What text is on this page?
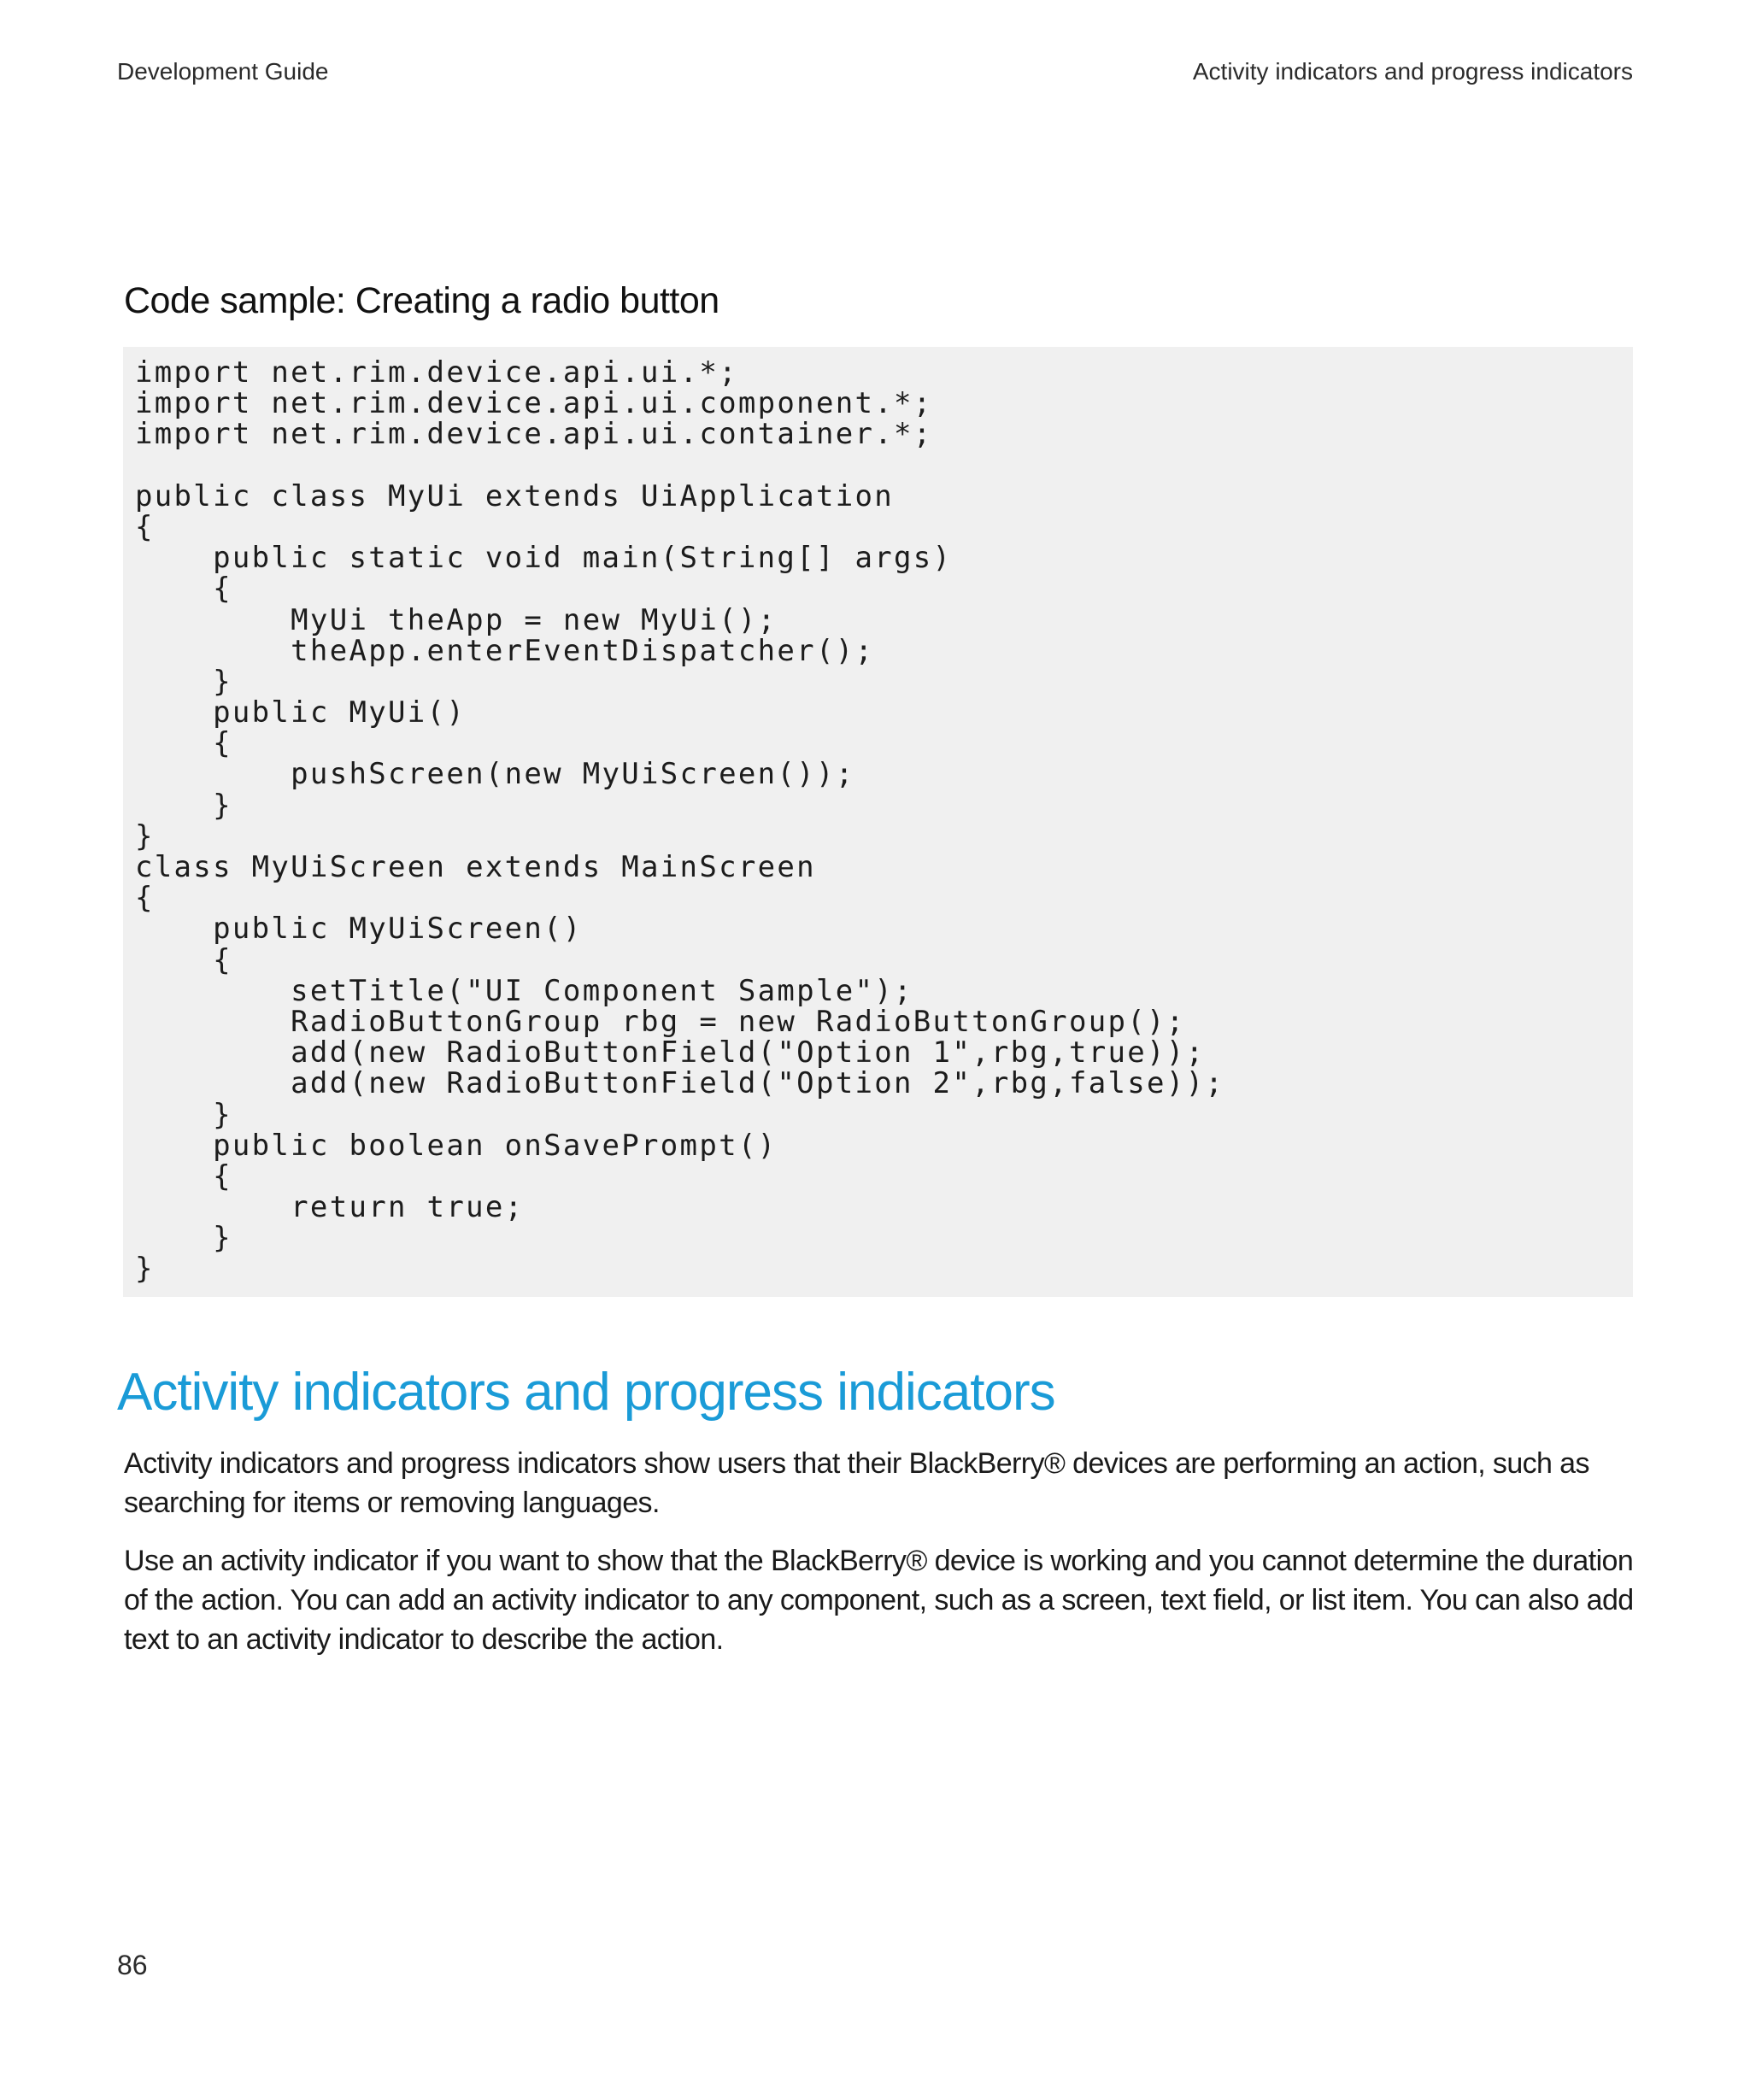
Development Guide	Activity indicators and progress indicators
Code sample: Creating a radio button
import net.rim.device.api.ui.*;
import net.rim.device.api.ui.component.*;
import net.rim.device.api.ui.container.*;
public class MyUi extends UiApplication
{
public static void main(String[] args)
{
MyUi theApp = new MyUi();
theApp.enterEventDispatcher();
}
public MyUi()
{
pushScreen(new MyUiScreen());
}
}
class MyUiScreen extends MainScreen
{
public MyUiScreen()
{
setTitle("UI Component Sample");
RadioButtonGroup rbg = new RadioButtonGroup();
add(new RadioButtonField("Option 1",rbg,true));
add(new RadioButtonField("Option 2",rbg,false));
}
public boolean onSavePrompt()
{
return true;
}
}
Activity indicators and progress indicators

Activity indicators and progress indicators show users that their BlackBerry® devices are performing an action, such as searching for items or removing languages.

Use an activity indicator if you want to show that the BlackBerry® device is working and you cannot determine the duration of the action. You can add an activity indicator to any component, such as a screen, text field, or list item. You can also add text to an activity indicator to describe the action.

86
